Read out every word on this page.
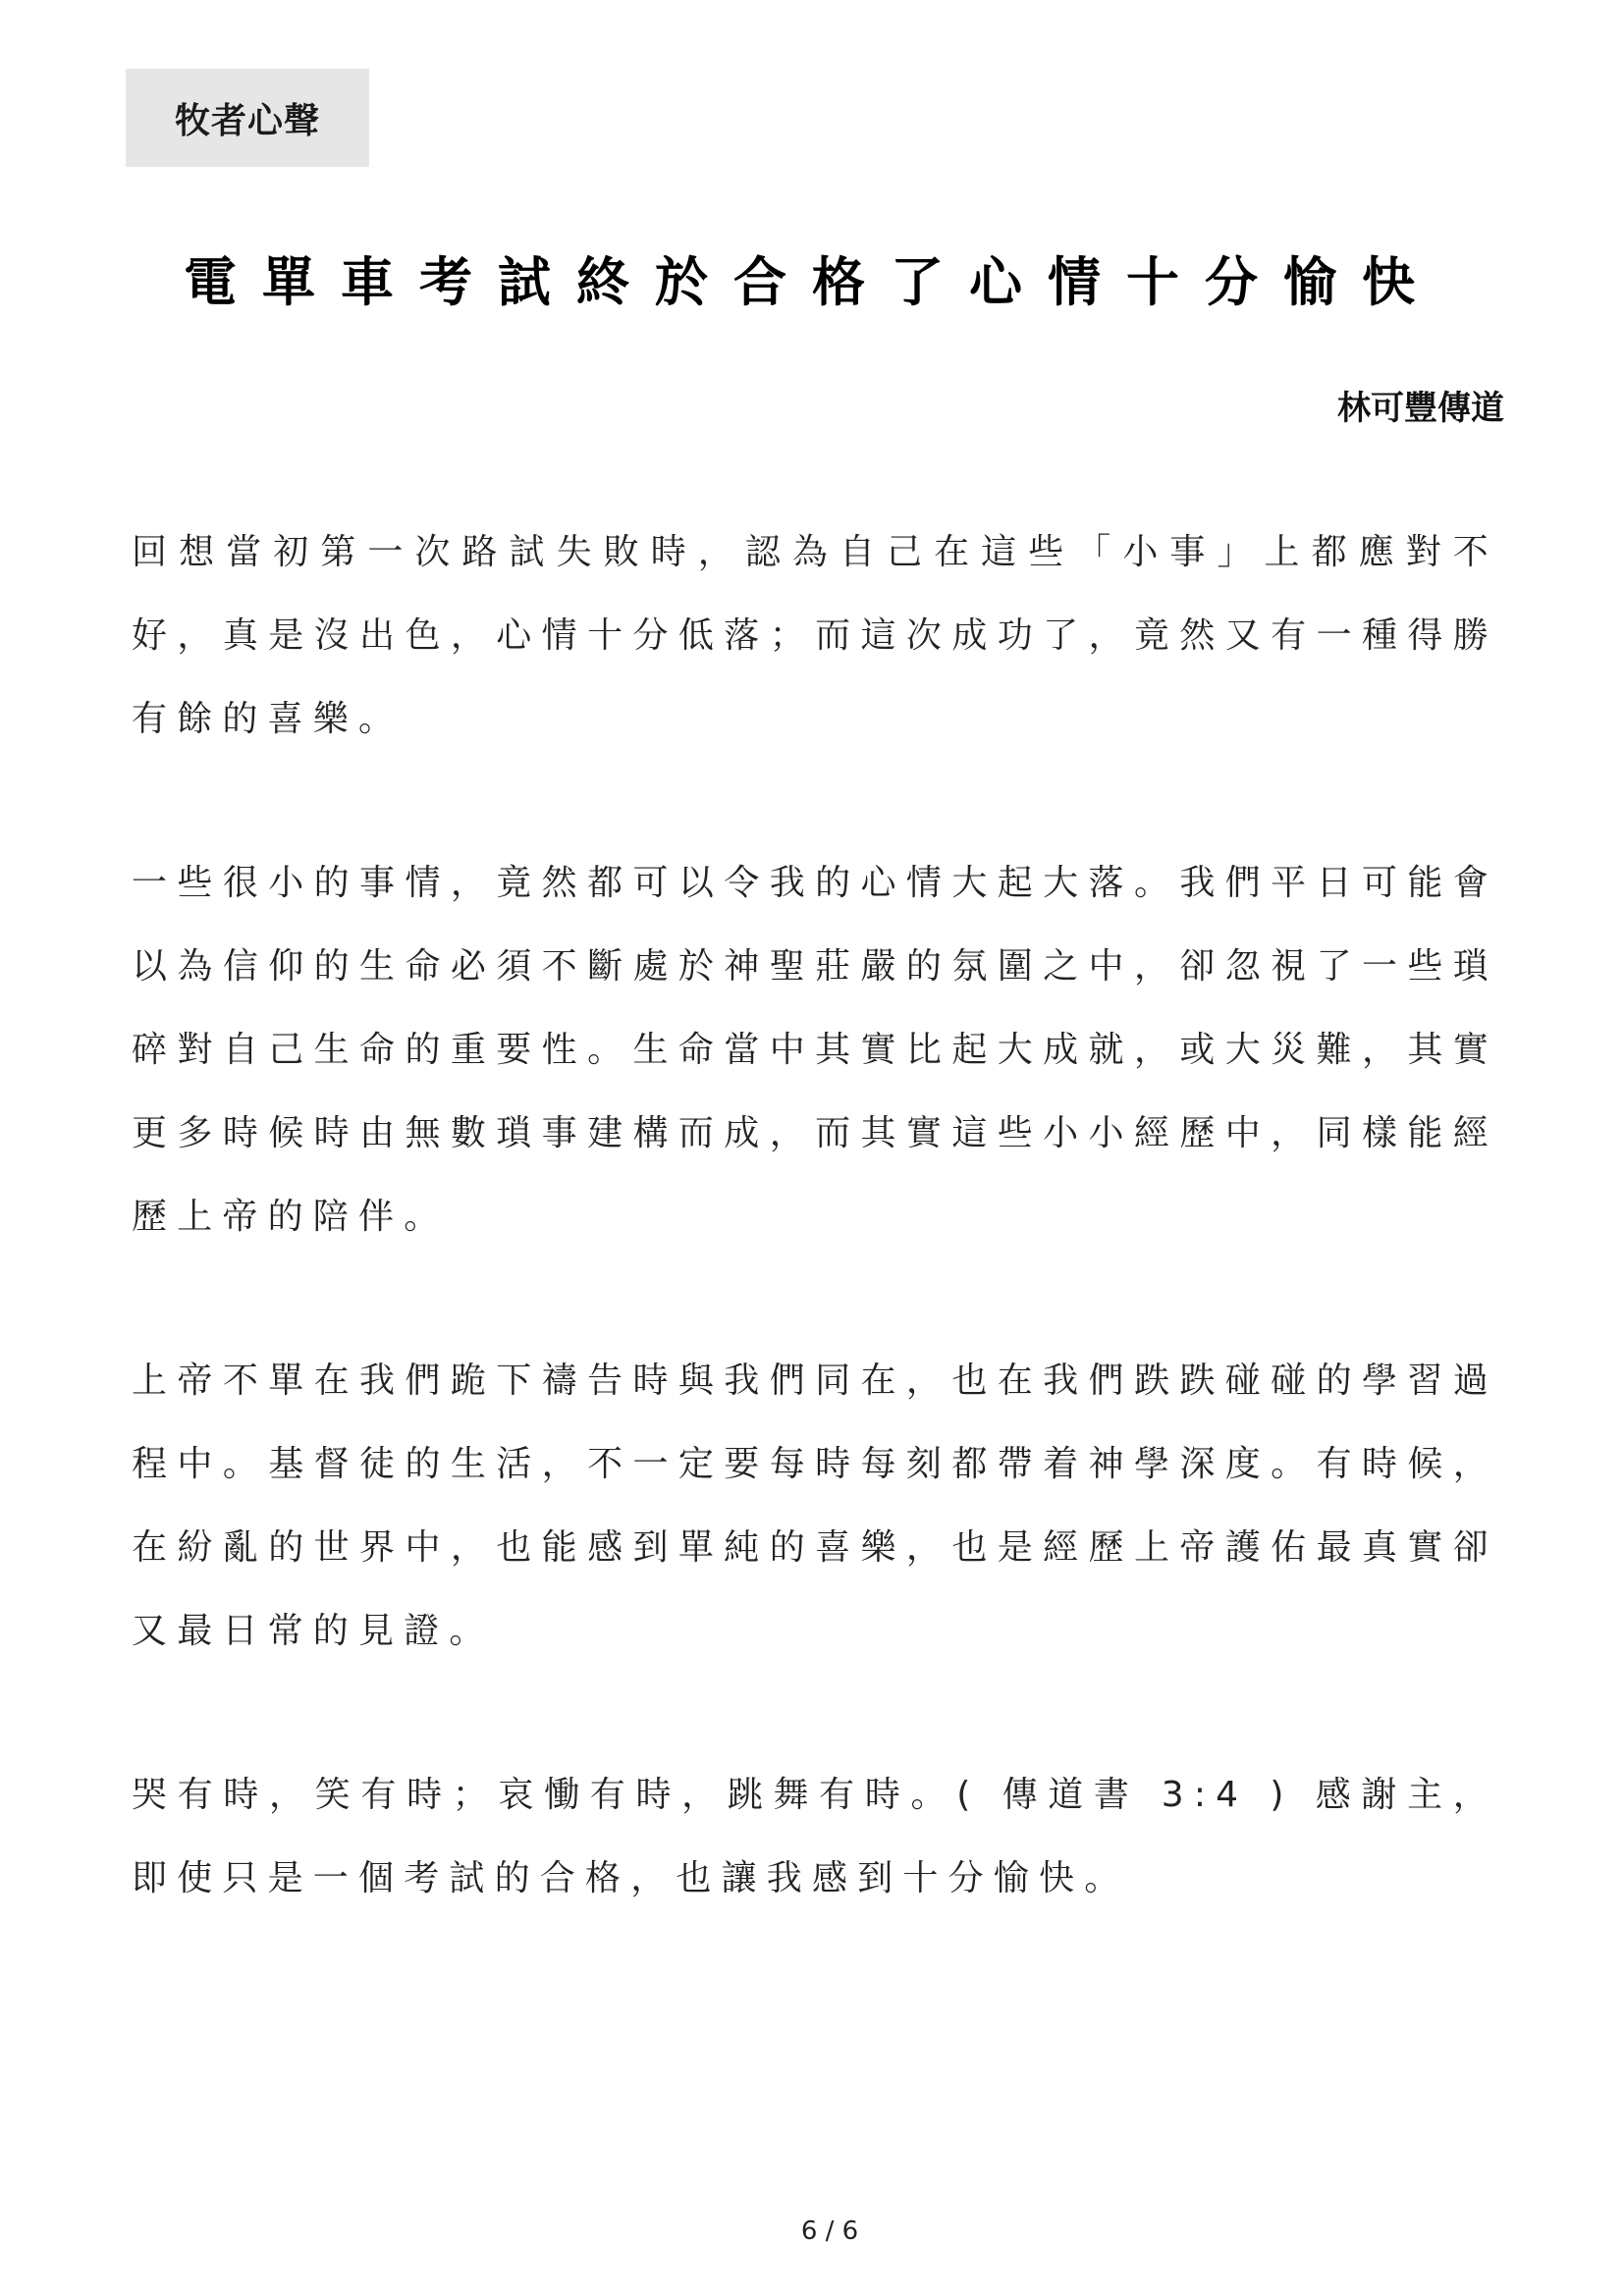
牧者心聲
電單車考試終於合格了心情十分愉快
林可豐傳道

回想當初第一次路試失敗時，認為自己在這些「小事」上都應對不好，真是沒出色，心情十分低落；而這次成功了，竟然又有一種得勝有餘的喜樂。

一些很小的事情，竟然都可以令我的心情大起大落。我們平日可能會以為信仰的生命必須不斷處於神聖莊嚴的氛圍之中，卻忽視了一些瑣碎對自己生命的重要性。生命當中其實比起大成就，或大災難，其實更多時候時由無數瑣事建構而成，而其實這些小小經歷中，同樣能經歷上帝的陪伴。

上帝不單在我們跪下禱告時與我們同在，也在我們跌跌碰碰的學習過程中。基督徒的生活，不一定要每時每刻都帶着神學深度。有時候，在紛亂的世界中，也能感到單純的喜樂，也是經歷上帝護佑最真實卻又最日常的見證。

哭有時，笑有時；哀慟有時，跳舞有時。( 傳道書 3:4 ) 感謝主，即使只是一個考試的合格，也讓我感到十分愉快。

6 / 6
